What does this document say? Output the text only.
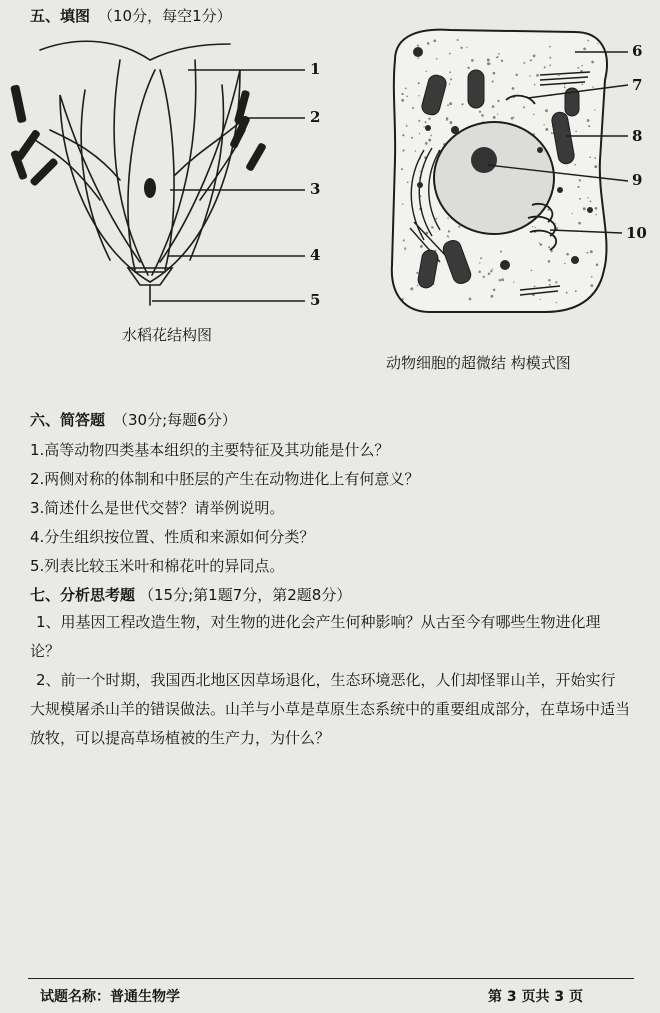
五、填图 （10分，每空1分）
1
2
3
4
5
水稻花结构图
6
7
8
9
10
动物细胞的超微结 构模式图
六、简答题 （30分;每题6分）
1.高等动物四类基本组织的主要特征及其功能是什么？
2.两侧对称的体制和中胚层的产生在动物进化上有何意义？
3.简述什么是世代交替？请举例说明。
4.分生组织按位置、性质和来源如何分类？
5.列表比较玉米叶和棉花叶的异同点。
七、分析思考题 （15分;第1题7分，第2题8分）
1、用基因工程改造生物，对生物的进化会产生何种影响？从古至今有哪些生物进化理论？
2、前一个时期，我国西北地区因草场退化，生态环境恶化，人们却怪罪山羊，开始实行大规模屠杀山羊的错误做法。山羊与小草是草原生态系统中的重要组成部分，在草场中适当放牧，可以提高草场植被的生产力，为什么？
试题名称：普通生物学	第 3 页共 3 页
